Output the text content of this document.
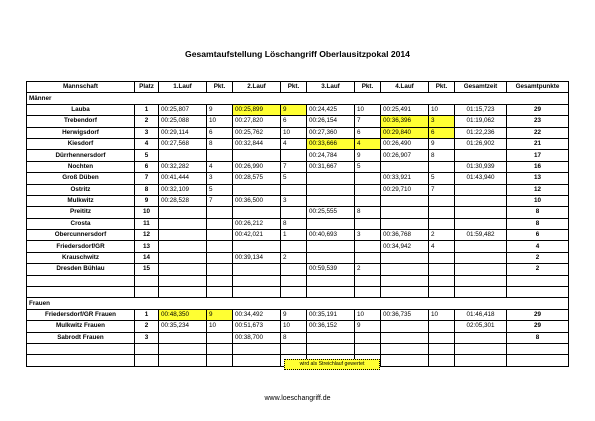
Gesamtaufstellung Löschangriff Oberlausitzpokal 2014
Mannschaft	Platz	1.Lauf	Pkt.	2.Lauf	Pkt.	3.Lauf	Pkt.	4.Lauf	Pkt.	Gesamtzeit	Gesamtpunkte
Männer											
Lauba	1	00:25,807	9	00:25,899	9	00:24,425	10	00:25,491	10	01:15,723	29
Trebendorf	2	00:25,088	10	00:27,820	6	00:26,154	7	00:36,396	3	01:19,062	23
Herwigsdorf	3	00:29,114	6	00:25,762	10	00:27,360	6	00:29,840	6	01:22,236	22
Kiesdorf	4	00:27,568	8	00:32,844	4	00:33,666	4	00:26,490	9	01:26,902	21
Dürrhennersdorf	5					00:24,784	9	00:26,907	8		17
Nochten	6	00:32,282	4	00:26,990	7	00:31,667	5			01:30,939	16
Groß Düben	7	00:41,444	3	00:28,575	5			00:33,921	5	01:43,940	13
Ostritz	8	00:32,109	5					00:29,710	7		12
Mulkwitz	9	00:28,528	7	00:36,500	3						10
Preititz	10					00:25,555	8				8
Crosta	11			00:26,212	8						8
Obercunnersdorf	12			00:42,021	1	00:40,693	3	00:36,768	2	01:59,482	6
Friedersdorf/GR	13							00:34,942	4		4
Krauschwitz	14			00:39,134	2						2
Dresden Bühlau	15					00:59,539	2				2

Frauen											
Friedersdorf/GR Frauen	1	00:48,350	9	00:34,492	9	00:35,191	10	00:36,735	10	01:46,418	29
Mulkwitz Frauen	2	00:35,234	10	00:51,673	10	00:36,152	9			02:05,301	29
Sabrodt Frauen	3			00:38,700	8						8

wird als Streichlauf gewertet
www.loeschangriff.de
